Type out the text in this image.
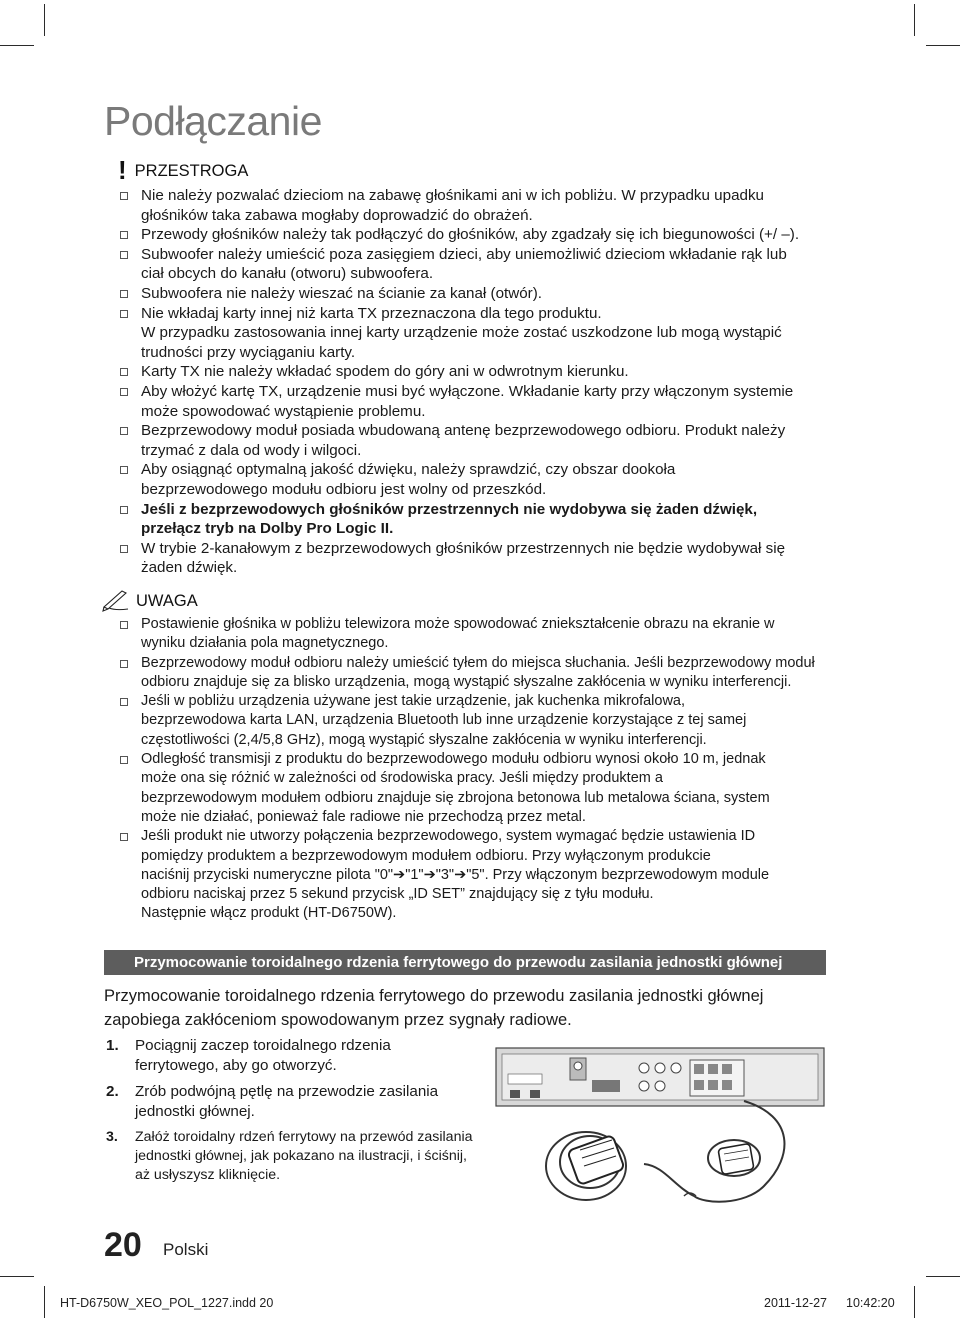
Podłączanie
! PRZESTROGA
Nie należy pozwalać dzieciom na zabawę głośnikami ani w ich pobliżu. W przypadku upadku
głośników taka zabawa mogłaby doprowadzić do obrażeń.
Przewody głośników należy tak podłączyć do głośników, aby zgadzały się ich biegunowości (+/ –).
Subwoofer należy umieścić poza zasięgiem dzieci, aby uniemożliwić dzieciom wkładanie rąk lub
ciał obcych do kanału (otworu) subwoofera.
Subwoofera nie należy wieszać na ścianie za kanał (otwór).
Nie wkładaj karty innej niż karta TX przeznaczona dla tego produktu.
W przypadku zastosowania innej karty urządzenie może zostać uszkodzone lub mogą wystąpić
trudności przy wyciąganiu karty.
Karty TX nie należy wkładać spodem do góry ani w odwrotnym kierunku.
Aby włożyć kartę TX, urządzenie musi być wyłączone. Wkładanie karty przy włączonym systemie
może spowodować wystąpienie problemu.
Bezprzewodowy moduł posiada wbudowaną antenę bezprzewodowego odbioru. Produkt należy
trzymać z dala od wody i wilgoci.
Aby osiągnąć optymalną jakość dźwięku, należy sprawdzić, czy obszar dookoła
bezprzewodowego modułu odbioru jest wolny od przeszkód.
Jeśli z bezprzewodowych głośników przestrzennych nie wydobywa się żaden dźwięk,
przełącz tryb na Dolby Pro Logic II.
W trybie 2-kanałowym z bezprzewodowych głośników przestrzennych nie będzie wydobywał się
żaden dźwięk.
UWAGA
Postawienie głośnika w pobliżu telewizora może spowodować zniekształcenie obrazu na ekranie w
wyniku działania pola magnetycznego.
Bezprzewodowy moduł odbioru należy umieścić tyłem do miejsca słuchania. Jeśli bezprzewodowy moduł
odbioru znajduje się za blisko urządzenia, mogą wystąpić słyszalne zakłócenia w wyniku interferencji.
Jeśli w pobliżu urządzenia używane jest takie urządzenie, jak kuchenka mikrofalowa,
bezprzewodowa karta LAN, urządzenia Bluetooth lub inne urządzenie korzystające z tej samej
częstotliwości (2,4/5,8 GHz), mogą wystąpić słyszalne zakłócenia w wyniku interferencji.
Odległość transmisji z produktu do bezprzewodowego modułu odbioru wynosi około 10 m, jednak
może ona się różnić w zależności od środowiska pracy. Jeśli między produktem a
bezprzewodowym modułem odbioru znajduje się zbrojona betonowa lub metalowa ściana, system
może nie działać, ponieważ fale radiowe nie przechodzą przez metal.
Jeśli produkt nie utworzy połączenia bezprzewodowego, system wymagać będzie ustawienia ID
pomiędzy produktem a bezprzewodowym modułem odbioru. Przy wyłączonym produkcie
naciśnij przyciski numeryczne pilota "0"➔"1"➔"3"➔"5". Przy włączonym bezprzewodowym module
odbioru naciskaj przez 5 sekund przycisk „ID SET” znajdujący się z tyłu modułu.
Następnie włącz produkt (HT-D6750W).
Przymocowanie toroidalnego rdzenia ferrytowego do przewodu zasilania jednostki głównej
Przymocowanie toroidalnego rdzenia ferrytowego do przewodu zasilania jednostki głównej
zapobiega zakłóceniom spowodowanym przez sygnały radiowe.
1. Pociągnij zaczep toroidalnego rdzenia
ferrytowego, aby go otworzyć.
2. Zrób podwójną pętlę na przewodzie zasilania
jednostki głównej.
3. Załóż toroidalny rdzeń ferrytowy na przewód zasilania
jednostki głównej, jak pokazano na ilustracji, i ściśnij,
aż usłyszysz kliknięcie.
20 Polski
HT-D6750W_XEO_POL_1227.indd 20	2011-12-27 10:42:20
